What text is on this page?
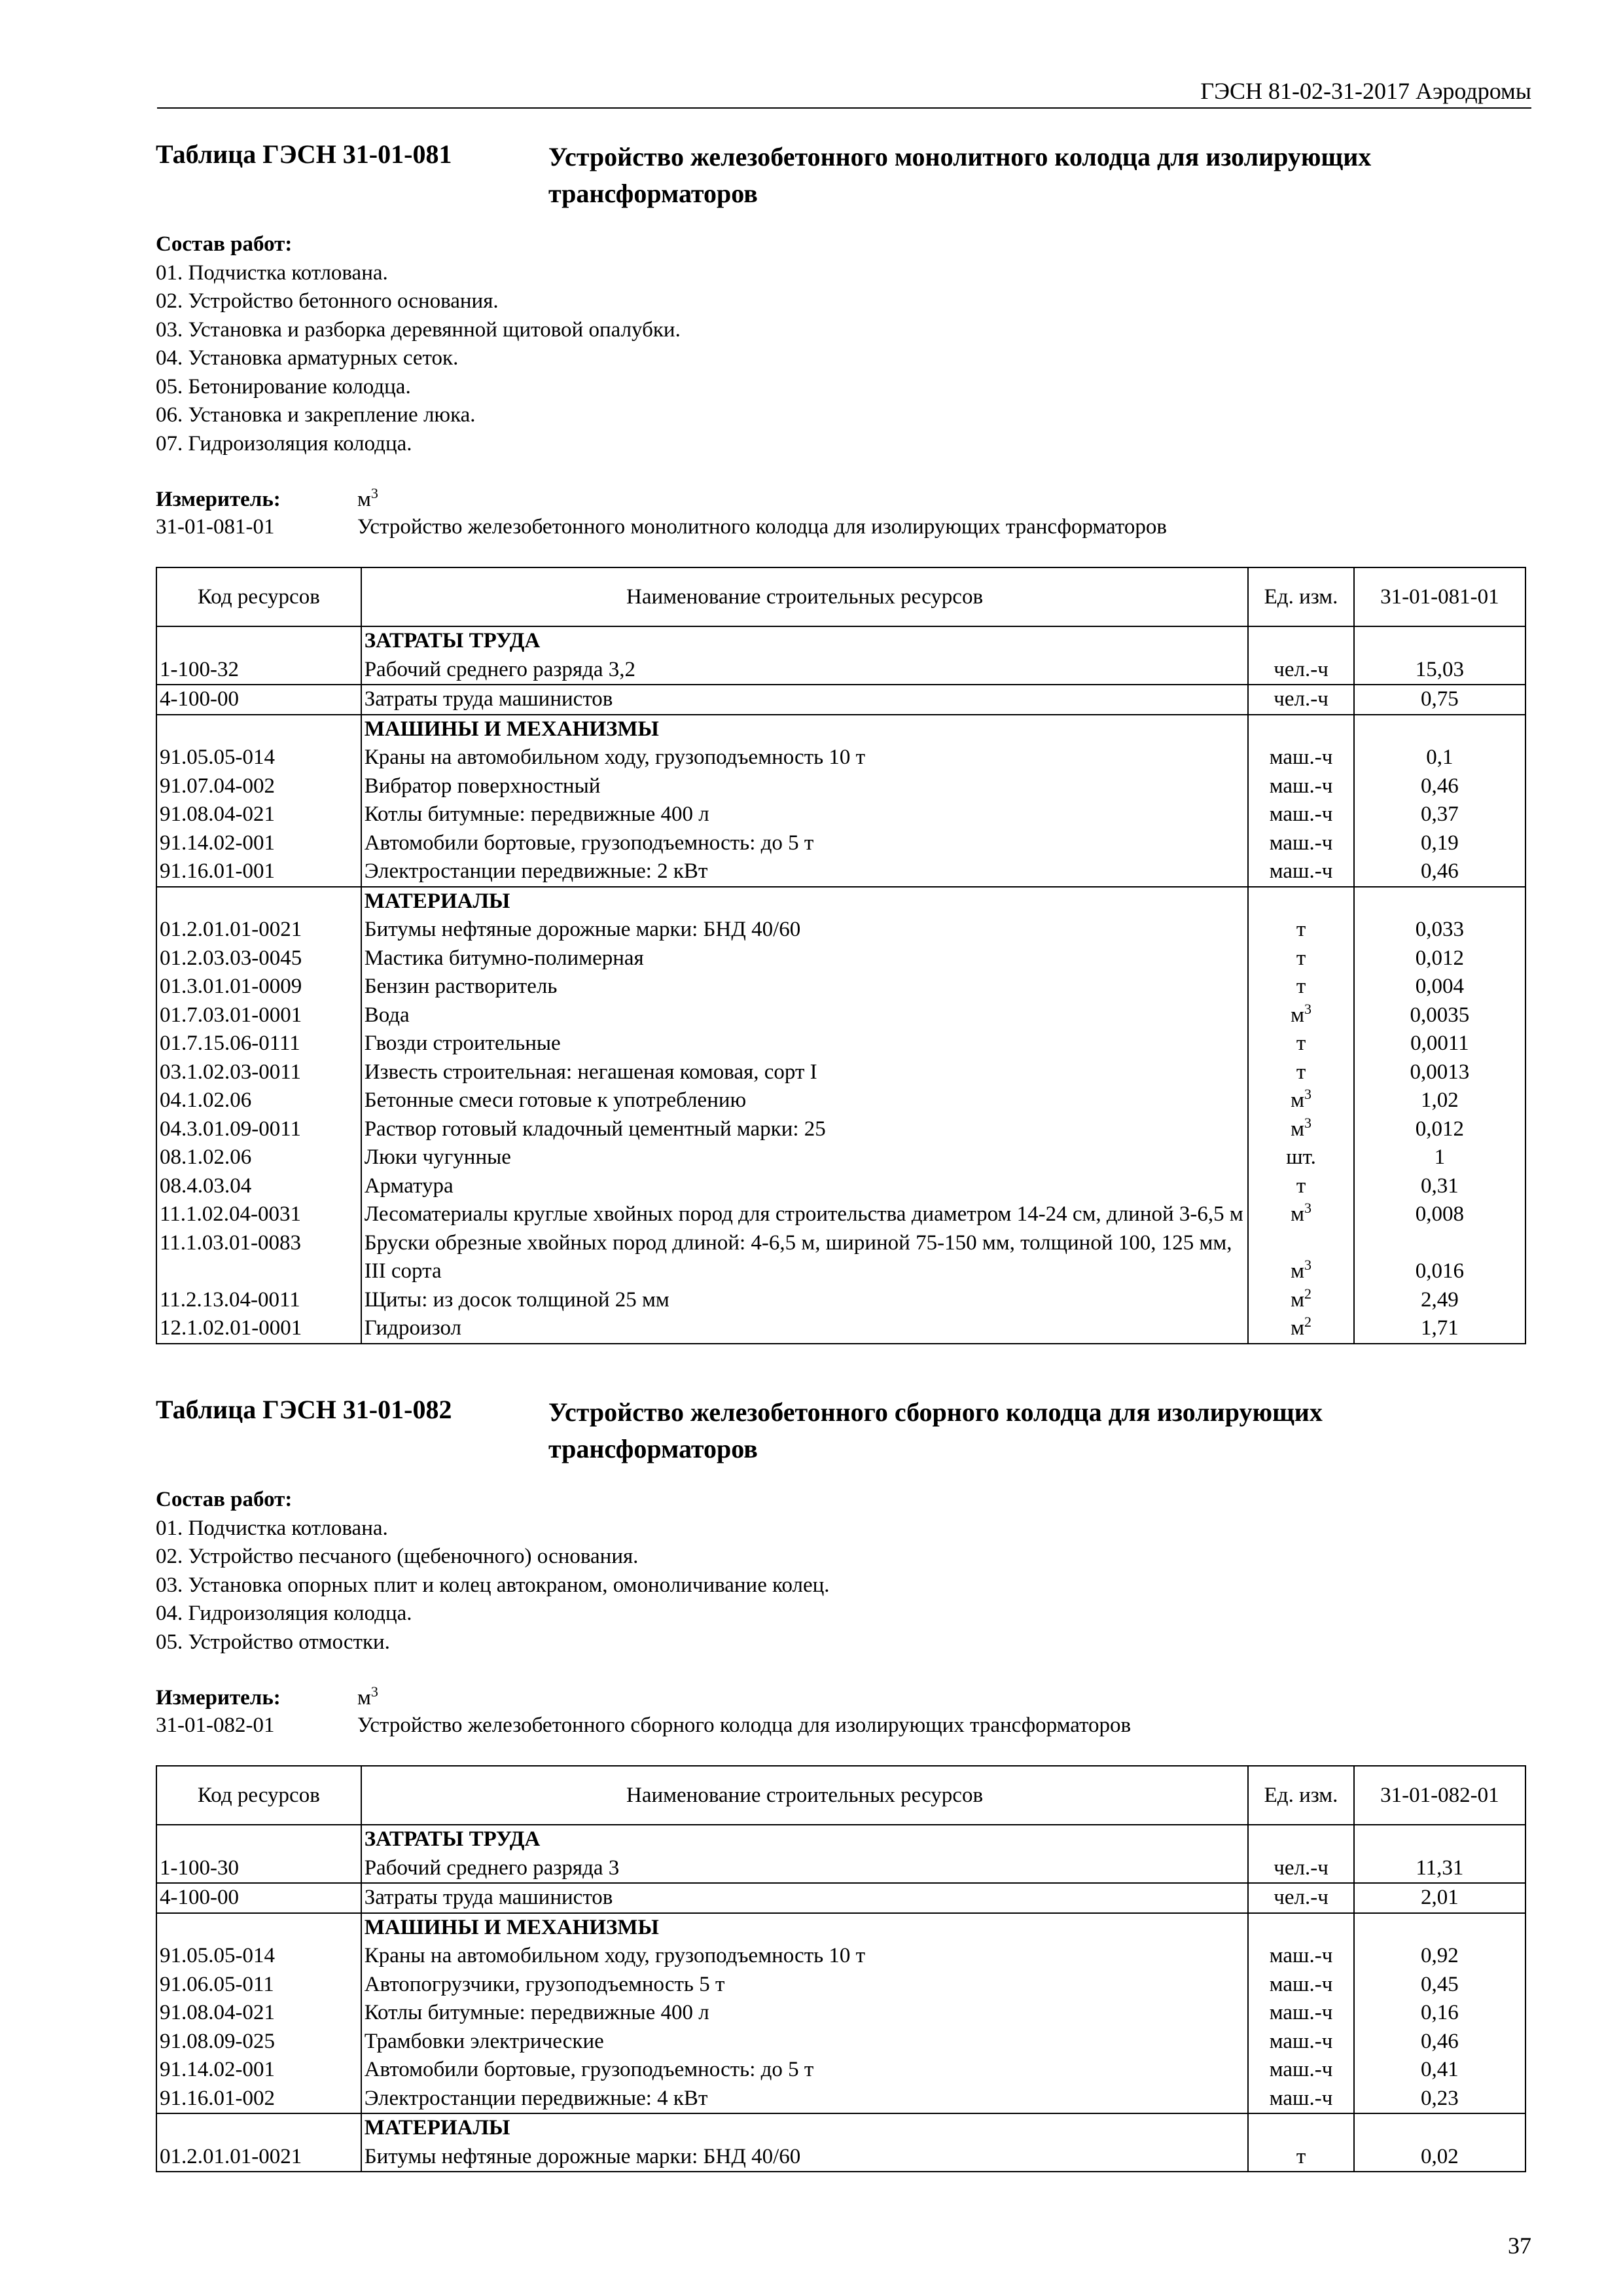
ГЭСН 81-02-31-2017 Аэродромы
Таблица ГЭСН 31-01-081	Устройство железобетонного монолитного колодца для изолирующих трансформаторов
Состав работ:
01. Подчистка котлована.
02. Устройство бетонного основания.
03. Установка и разборка деревянной щитовой опалубки.
04. Установка арматурных сеток.
05. Бетонирование колодца.
06. Установка и закрепление люка.
07. Гидроизоляция колодца.
Измеритель:	$м^3$
31-01-081-01	Устройство железобетонного монолитного колодца для изолирующих трансформаторов
Код ресурсов	Наименование строительных ресурсов	Ед. изм.	31-01-081-01
	ЗАТРАТЫ ТРУДА		
1-100-32	Рабочий среднего разряда 3,2	чел.-ч	15,03
4-100-00	Затраты труда машинистов	чел.-ч	0,75
	МАШИНЫ И МЕХАНИЗМЫ		
91.05.05-014	Краны на автомобильном ходу, грузоподъемность 10 т	маш.-ч	0,1
91.07.04-002	Вибратор поверхностный	маш.-ч	0,46
91.08.04-021	Котлы битумные: передвижные 400 л	маш.-ч	0,37
91.14.02-001	Автомобили бортовые, грузоподъемность: до 5 т	маш.-ч	0,19
91.16.01-001	Электростанции передвижные: 2 кВт	маш.-ч	0,46
	МАТЕРИАЛЫ		
01.2.01.01-0021	Битумы нефтяные дорожные марки: БНД 40/60	т	0,033
01.2.03.03-0045	Мастика битумно-полимерная	т	0,012
01.3.01.01-0009	Бензин растворитель	т	0,004
01.7.03.01-0001	Вода	$м^3$	0,0035
01.7.15.06-0111	Гвозди строительные	т	0,0011
03.1.02.03-0011	Известь строительная: негашеная комовая, сорт I	т	0,0013
04.1.02.06	Бетонные смеси готовые к употреблению	$м^3$	1,02
04.3.01.09-0011	Раствор готовый кладочный цементный марки: 25	$м^3$	0,012
08.1.02.06	Люки чугунные	шт.	1
08.4.03.04	Арматура	т	0,31
11.1.02.04-0031	Лесоматериалы круглые хвойных пород для строительства диаметром 14-24 см, длиной 3-6,5 м	$м^3$	0,008
11.1.03.01-0083	Бруски обрезные хвойных пород длиной: 4-6,5 м, шириной 75-150 мм, толщиной 100, 125 мм, III сорта	$м^3$	0,016
11.2.13.04-0011	Щиты: из досок толщиной 25 мм	$м^2$	2,49
12.1.02.01-0001	Гидроизол	$м^2$	1,71
Таблица ГЭСН 31-01-082	Устройство железобетонного сборного колодца для изолирующих трансформаторов
Состав работ:
01. Подчистка котлована.
02. Устройство песчаного (щебеночного) основания.
03. Установка опорных плит и колец автокраном, омоноличивание колец.
04. Гидроизоляция колодца.
05. Устройство отмостки.
Измеритель:	$м^3$
31-01-082-01	Устройство железобетонного сборного колодца для изолирующих трансформаторов
Код ресурсов	Наименование строительных ресурсов	Ед. изм.	31-01-082-01
	ЗАТРАТЫ ТРУДА		
1-100-30	Рабочий среднего разряда 3	чел.-ч	11,31
4-100-00	Затраты труда машинистов	чел.-ч	2,01
	МАШИНЫ И МЕХАНИЗМЫ		
91.05.05-014	Краны на автомобильном ходу, грузоподъемность 10 т	маш.-ч	0,92
91.06.05-011	Автопогрузчики, грузоподъемность 5 т	маш.-ч	0,45
91.08.04-021	Котлы битумные: передвижные 400 л	маш.-ч	0,16
91.08.09-025	Трамбовки электрические	маш.-ч	0,46
91.14.02-001	Автомобили бортовые, грузоподъемность: до 5 т	маш.-ч	0,41
91.16.01-002	Электростанции передвижные: 4 кВт	маш.-ч	0,23
	МАТЕРИАЛЫ		
01.2.01.01-0021	Битумы нефтяные дорожные марки: БНД 40/60	т	0,02
37
